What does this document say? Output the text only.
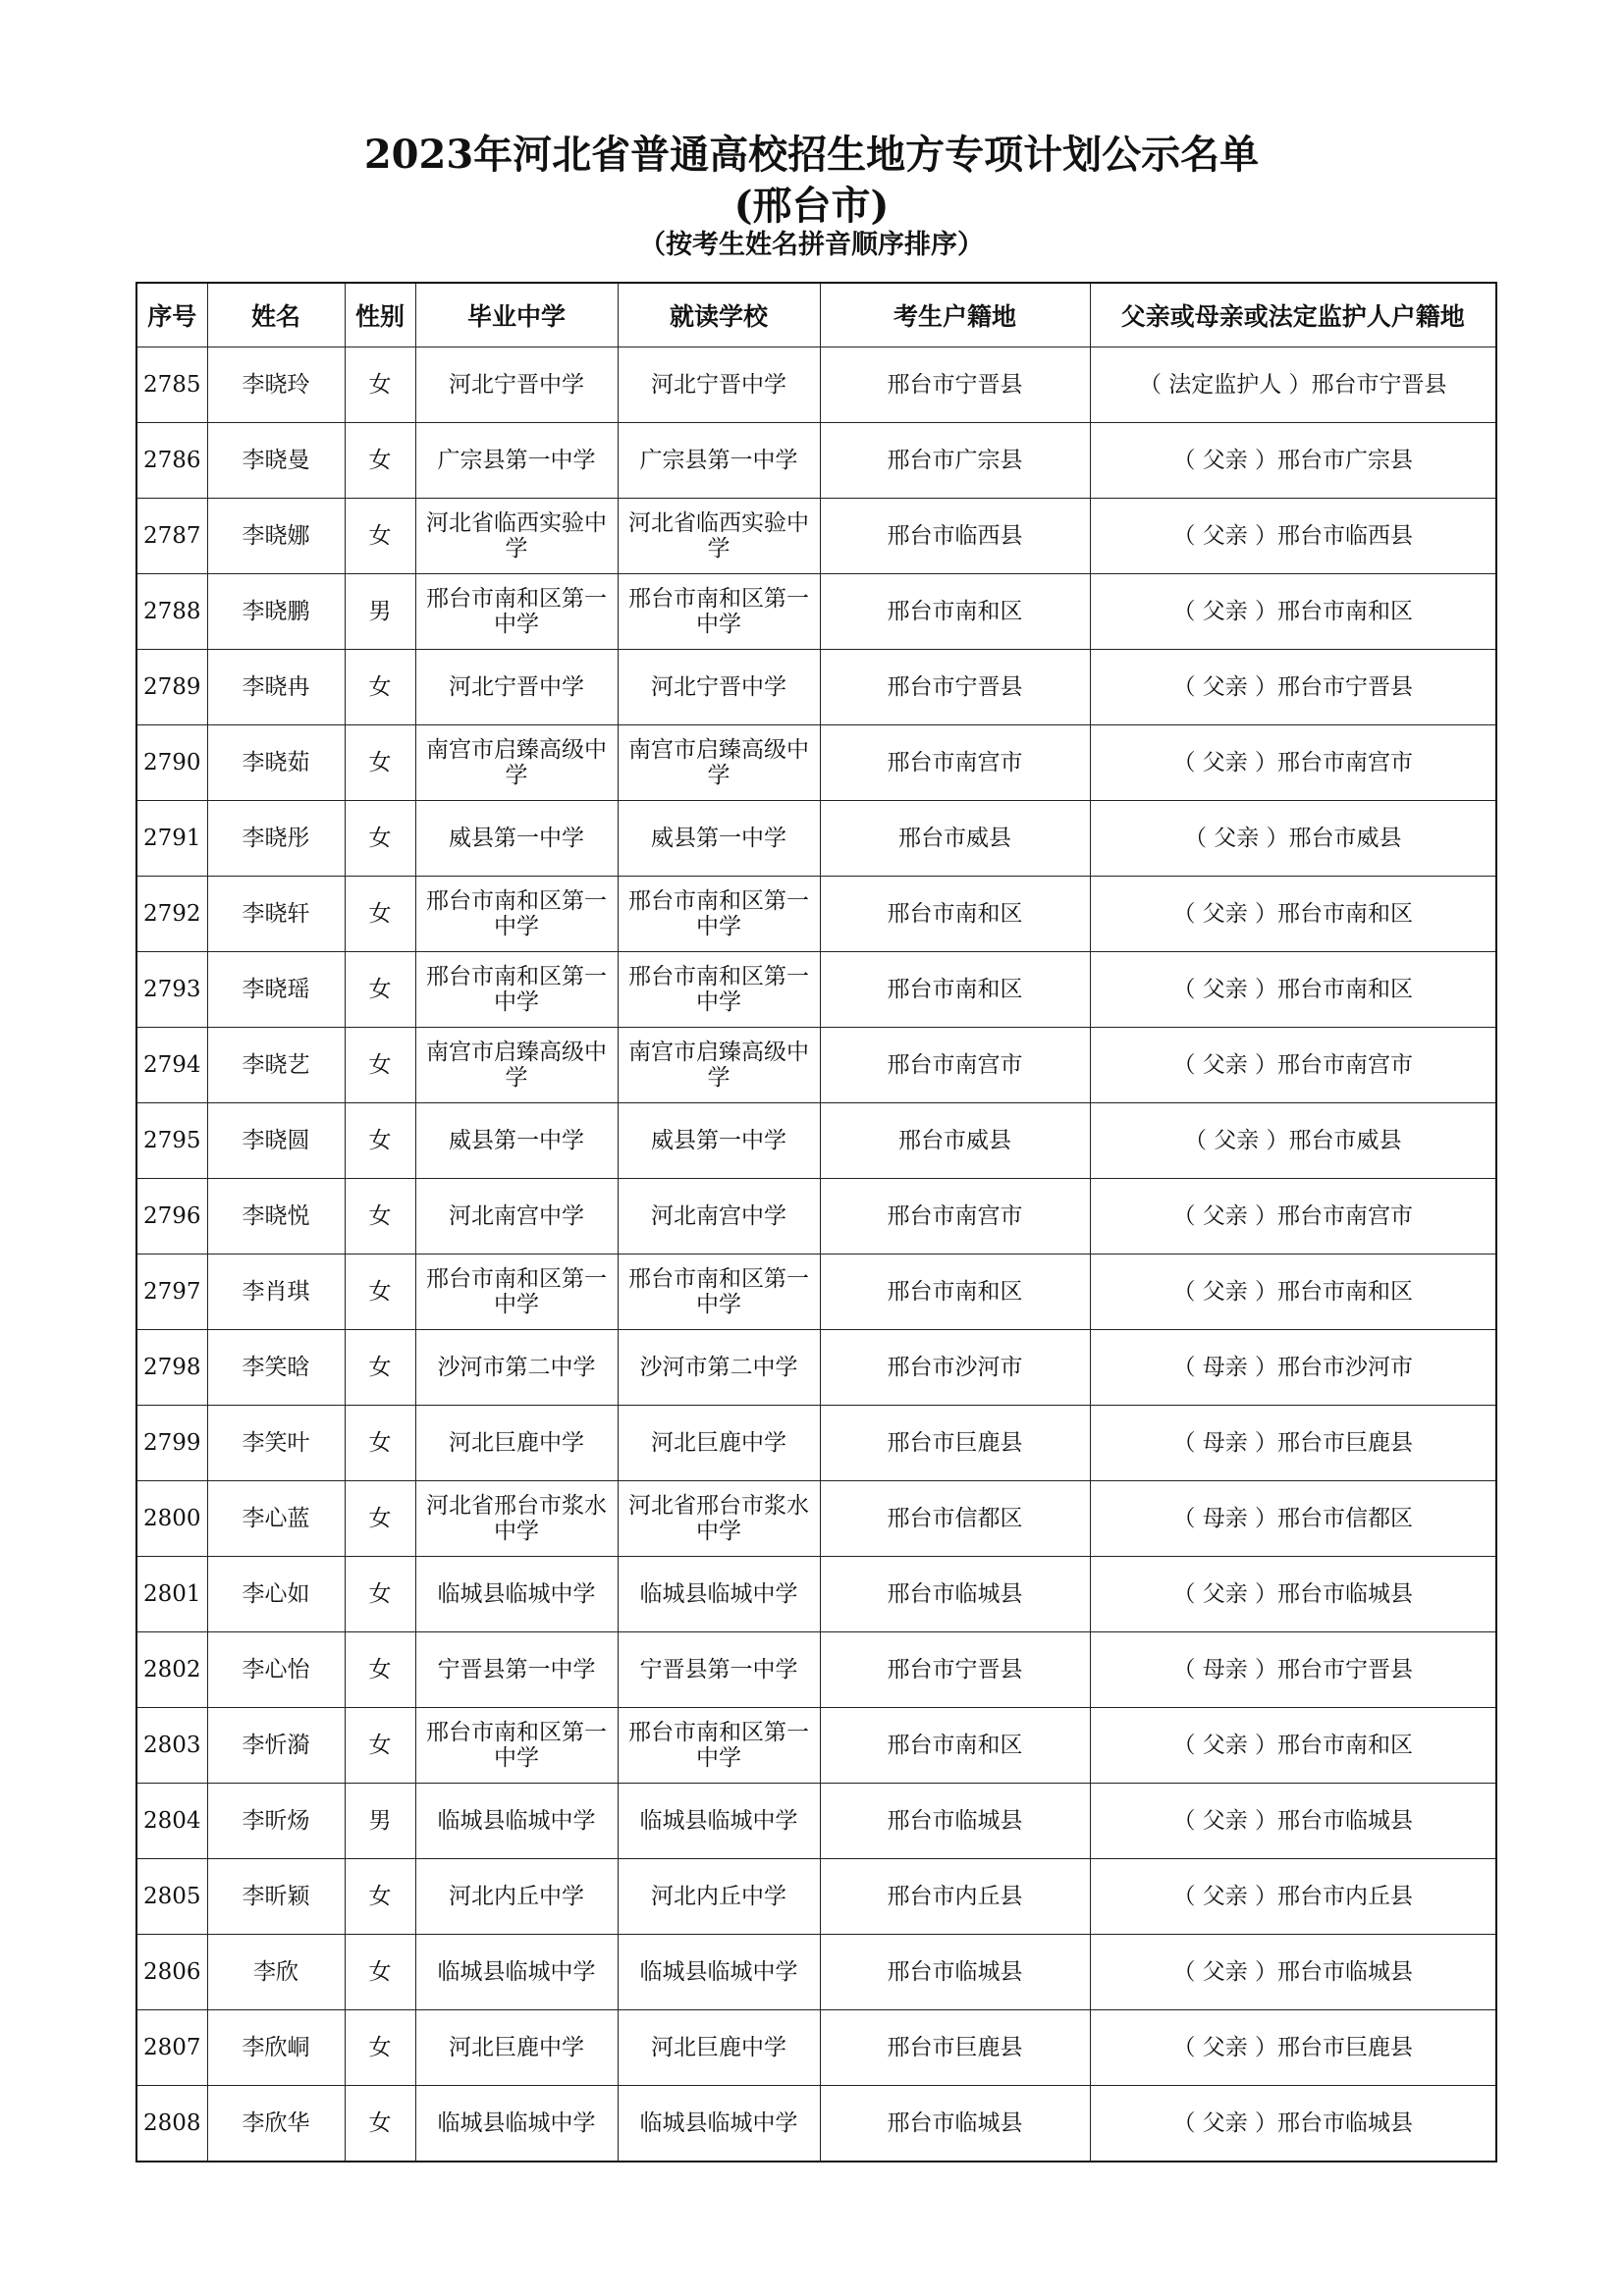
2023年河北省普通高校招生地方专项计划公示名单
(邢台市)
（按考生姓名拼音顺序排序）
序号	姓名	性别	毕业中学	就读学校	考生户籍地	父亲或母亲或法定监护人户籍地
2785	李晓玲	女	河北宁晋中学	河北宁晋中学	邢台市宁晋县	（ 法定监护人 ）邢台市宁晋县
2786	李晓曼	女	广宗县第一中学	广宗县第一中学	邢台市广宗县	（ 父亲 ）邢台市广宗县
2787	李晓娜	女	河北省临西实验中学	河北省临西实验中学	邢台市临西县	（ 父亲 ）邢台市临西县
2788	李晓鹏	男	邢台市南和区第一中学	邢台市南和区第一中学	邢台市南和区	（ 父亲 ）邢台市南和区
2789	李晓冉	女	河北宁晋中学	河北宁晋中学	邢台市宁晋县	（ 父亲 ）邢台市宁晋县
2790	李晓茹	女	南宫市启臻高级中学	南宫市启臻高级中学	邢台市南宫市	（ 父亲 ）邢台市南宫市
2791	李晓彤	女	威县第一中学	威县第一中学	邢台市威县	（ 父亲 ）邢台市威县
2792	李晓轩	女	邢台市南和区第一中学	邢台市南和区第一中学	邢台市南和区	（ 父亲 ）邢台市南和区
2793	李晓瑶	女	邢台市南和区第一中学	邢台市南和区第一中学	邢台市南和区	（ 父亲 ）邢台市南和区
2794	李晓艺	女	南宫市启臻高级中学	南宫市启臻高级中学	邢台市南宫市	（ 父亲 ）邢台市南宫市
2795	李晓圆	女	威县第一中学	威县第一中学	邢台市威县	（ 父亲 ）邢台市威县
2796	李晓悦	女	河北南宫中学	河北南宫中学	邢台市南宫市	（ 父亲 ）邢台市南宫市
2797	李肖琪	女	邢台市南和区第一中学	邢台市南和区第一中学	邢台市南和区	（ 父亲 ）邢台市南和区
2798	李笑晗	女	沙河市第二中学	沙河市第二中学	邢台市沙河市	（ 母亲 ）邢台市沙河市
2799	李笑叶	女	河北巨鹿中学	河北巨鹿中学	邢台市巨鹿县	（ 母亲 ）邢台市巨鹿县
2800	李心蓝	女	河北省邢台市浆水中学	河北省邢台市浆水中学	邢台市信都区	（ 母亲 ）邢台市信都区
2801	李心如	女	临城县临城中学	临城县临城中学	邢台市临城县	（ 父亲 ）邢台市临城县
2802	李心怡	女	宁晋县第一中学	宁晋县第一中学	邢台市宁晋县	（ 母亲 ）邢台市宁晋县
2803	李忻漪	女	邢台市南和区第一中学	邢台市南和区第一中学	邢台市南和区	（ 父亲 ）邢台市南和区
2804	李昕炀	男	临城县临城中学	临城县临城中学	邢台市临城县	（ 父亲 ）邢台市临城县
2805	李昕颖	女	河北内丘中学	河北内丘中学	邢台市内丘县	（ 父亲 ）邢台市内丘县
2806	李欣	女	临城县临城中学	临城县临城中学	邢台市临城县	（ 父亲 ）邢台市临城县
2807	李欣峒	女	河北巨鹿中学	河北巨鹿中学	邢台市巨鹿县	（ 父亲 ）邢台市巨鹿县
2808	李欣华	女	临城县临城中学	临城县临城中学	邢台市临城县	（ 父亲 ）邢台市临城县
